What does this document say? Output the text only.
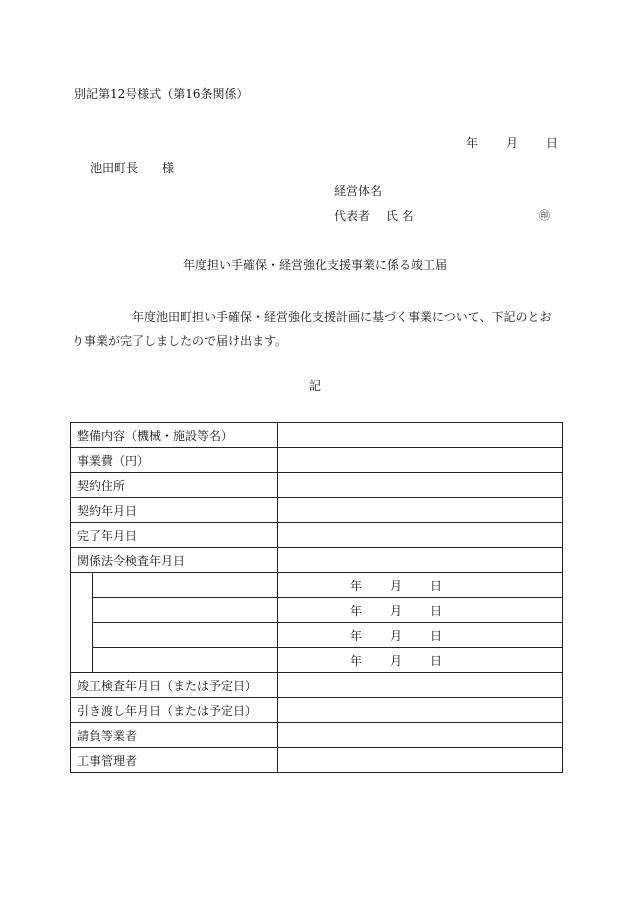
別記第12号様式（第16条関係）
年 月 日
池田町長　　様
経営体名
代表者　 氏 名	㊞
年度担い手確保・経営強化支援事業に係る竣工届
年度池田町担い手確保・経営強化支援計画に基づく事業について、下記のとおり事業が完了しましたので届け出ます。
記
整備内容（機械・施設等名）		
事業費（円）		
契約住所		
契約年月日		
完了年月日		
関係法令検査年月日		
		年 月 日
		年 月 日
		年 月 日
		年 月 日
竣工検査年月日（または予定日）		
引き渡し年月日（または予定日）		
請負等業者		
工事管理者		
